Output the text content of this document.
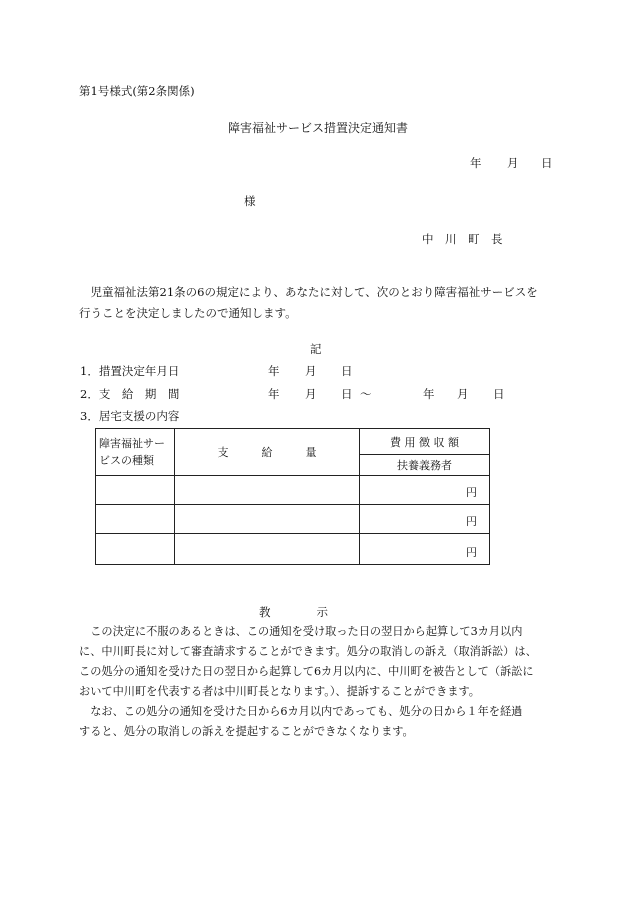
第1号様式(第2条関係)
障害福祉サービス措置決定通知書
年 月 日
様
中　川　町　長
　児童福祉法第21条の6の規定により、あなたに対して、次のとおり障害福祉サービスを
行うことを決定しましたので通知します。
記
1．措置決定年月日	年 月 日
2．支　給　期　間	年 月 日 ～	年 月 日
3．居宅支援の内容
障害福祉サー
ビスの種類	支　　　給　　　量	費 用 徴 収 額
		扶養義務者
		円
		円
		円
教　　　　示
　この決定に不服のあるときは、この通知を受け取った日の翌日から起算して3カ月以内
に、中川町長に対して審査請求することができます。処分の取消しの訴え（取消訴訟）は、
この処分の通知を受けた日の翌日から起算して6カ月以内に、中川町を被告として（訴訟に
おいて中川町を代表する者は中川町長となります。）、提訴することができます。
　なお、この処分の通知を受けた日から6カ月以内であっても、処分の日から１年を経過
すると、処分の取消しの訴えを提起することができなくなります。
